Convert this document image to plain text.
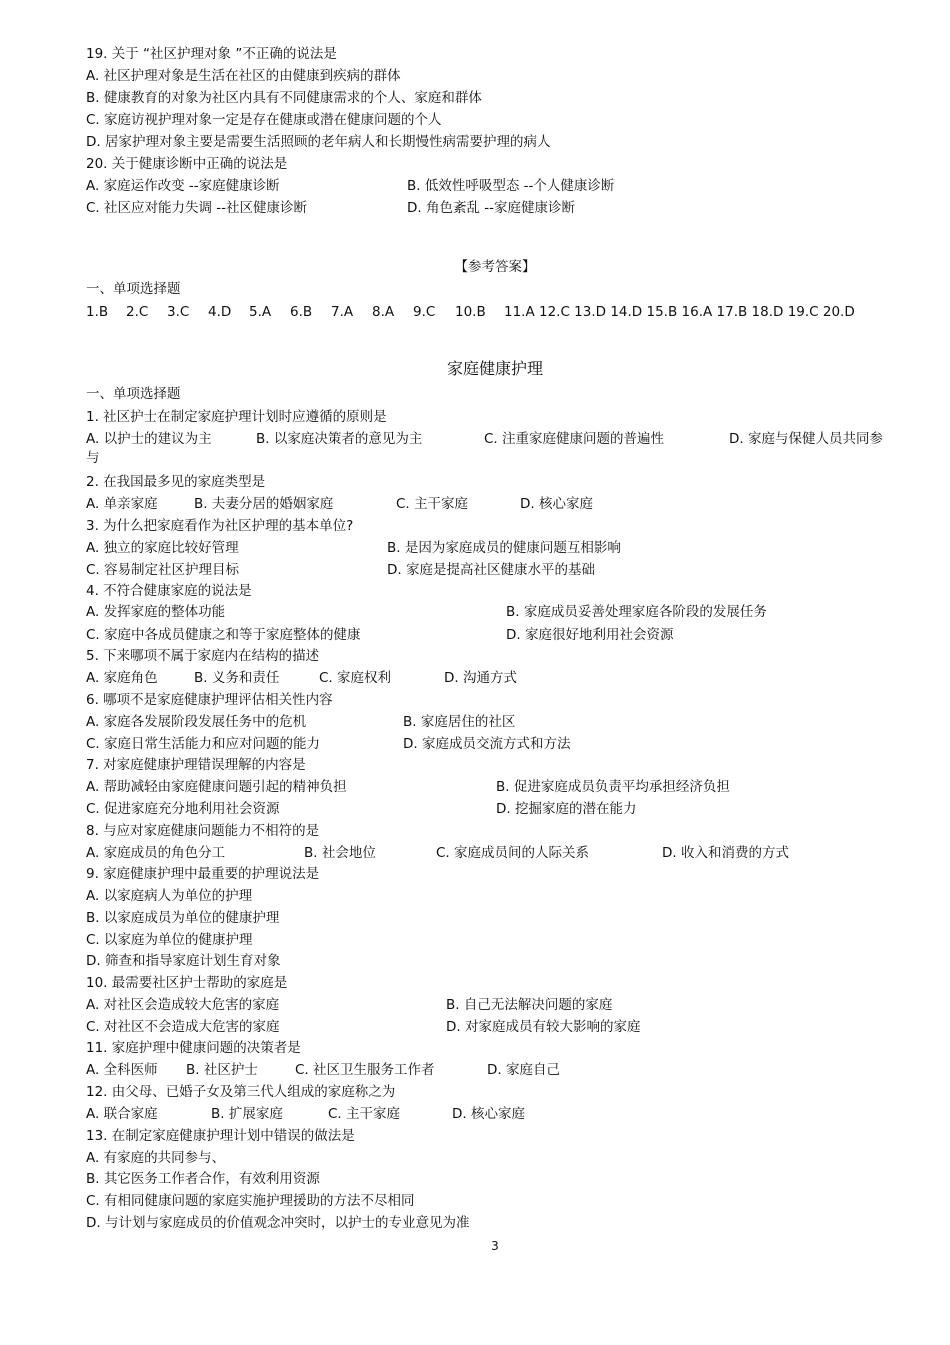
19. 关于 “社区护理对象 ”不正确的说法是
A. 社区护理对象是生活在社区的由健康到疾病的群体
B. 健康教育的对象为社区内具有不同健康需求的个人、家庭和群体
C. 家庭访视护理对象一定是存在健康或潜在健康问题的个人
D. 居家护理对象主要是需要生活照顾的老年病人和长期慢性病需要护理的病人
20. 关于健康诊断中正确的说法是
A. 家庭运作改变 --家庭健康诊断	B. 低效性呼吸型态 --个人健康诊断
C. 社区应对能力失调 --社区健康诊断	D. 角色紊乱 --家庭健康诊断
【参考答案】
一、单项选择题
1.B 2.C 3.C 4.D 5.A 6.B 7.A 8.A 9.C 10.B 11.A 12.C 13.D 14.D 15.B 16.A 17.B 18.D 19.C 20.D
家庭健康护理
一、单项选择题
1. 社区护士在制定家庭护理计划时应遵循的原则是
A. 以护士的建议为主	B. 以家庭决策者的意见为主	C. 注重家庭健康问题的普遍性	D. 家庭与保健人员共同参
与
2. 在我国最多见的家庭类型是
A. 单亲家庭	B. 夫妻分居的婚姻家庭	C. 主干家庭	D. 核心家庭
3. 为什么把家庭看作为社区护理的基本单位?
A. 独立的家庭比较好管理	B. 是因为家庭成员的健康问题互相影响
C. 容易制定社区护理目标	D. 家庭是提高社区健康水平的基础
4. 不符合健康家庭的说法是
A. 发挥家庭的整体功能	B. 家庭成员妥善处理家庭各阶段的发展任务
C. 家庭中各成员健康之和等于家庭整体的健康	D. 家庭很好地利用社会资源
5. 下来哪项不属于家庭内在结构的描述
A. 家庭角色	B. 义务和责任	C. 家庭权利	D. 沟通方式
6. 哪项不是家庭健康护理评估相关性内容
A. 家庭各发展阶段发展任务中的危机	B. 家庭居住的社区
C. 家庭日常生活能力和应对问题的能力	D. 家庭成员交流方式和方法
7. 对家庭健康护理错误理解的内容是
A. 帮助减轻由家庭健康问题引起的精神负担	B. 促进家庭成员负责平均承担经济负担
C. 促进家庭充分地利用社会资源	D. 挖掘家庭的潜在能力
8. 与应对家庭健康问题能力不相符的是
A. 家庭成员的角色分工	B. 社会地位	C. 家庭成员间的人际关系	D. 收入和消费的方式
9. 家庭健康护理中最重要的护理说法是
A. 以家庭病人为单位的护理
B. 以家庭成员为单位的健康护理
C. 以家庭为单位的健康护理
D. 筛查和指导家庭计划生育对象
10. 最需要社区护士帮助的家庭是
A. 对社区会造成较大危害的家庭	B. 自己无法解决问题的家庭
C. 对社区不会造成大危害的家庭	D. 对家庭成员有较大影响的家庭
11. 家庭护理中健康问题的决策者是
A. 全科医师 B. 社区护士	C. 社区卫生服务工作者	D. 家庭自己
12. 由父母、已婚子女及第三代人组成的家庭称之为
A. 联合家庭	B. 扩展家庭	C. 主干家庭	D. 核心家庭
13. 在制定家庭健康护理计划中错误的做法是
A. 有家庭的共同参与、
B. 其它医务工作者合作，有效利用资源
C. 有相同健康问题的家庭实施护理援助的方法不尽相同
D. 与计划与家庭成员的价值观念冲突时，以护士的专业意见为准
3
